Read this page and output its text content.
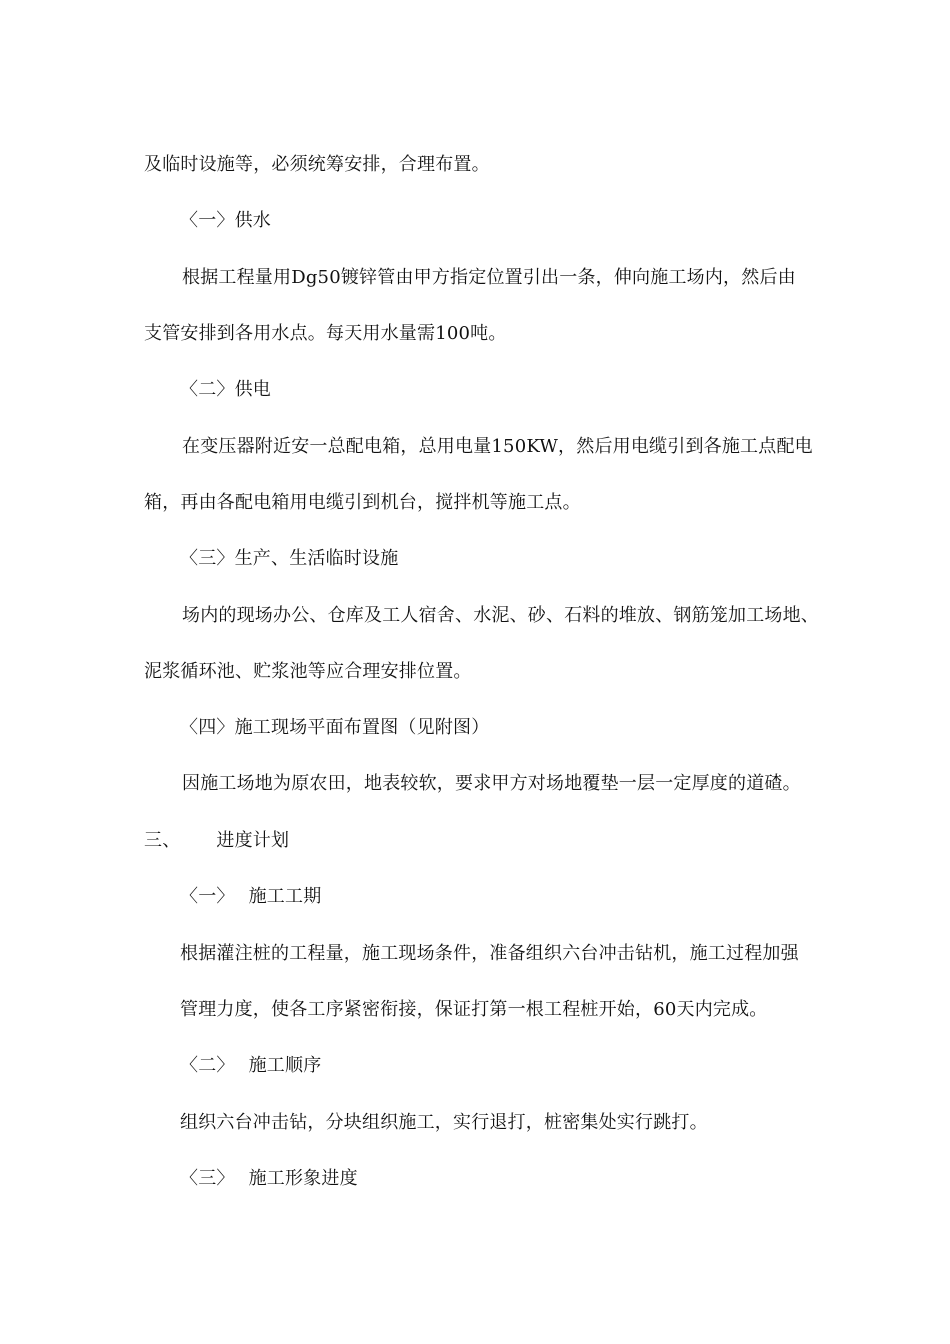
及临时设施等，必须统筹安排，合理布置。
〈一〉供水
根据工程量用Dg50镀锌管由甲方指定位置引出一条，伸向施工场内，然后由
支管安排到各用水点。每天用水量需100吨。
〈二〉供电
在变压器附近安一总配电箱，总用电量150KW，然后用电缆引到各施工点配电
箱，再由各配电箱用电缆引到机台，搅拌机等施工点。
〈三〉生产、生活临时设施
场内的现场办公、仓库及工人宿舍、水泥、砂、石料的堆放、钢筋笼加工场地、
泥浆循环池、贮浆池等应合理安排位置。
〈四〉施工现场平面布置图（见附图）
因施工场地为原农田，地表较软，要求甲方对场地覆垫一层一定厚度的道碴。
三、 进度计划
〈一〉 施工工期
根据灌注桩的工程量，施工现场条件，准备组织六台冲击钻机，施工过程加强
管理力度，使各工序紧密衔接，保证打第一根工程桩开始，60天内完成。
〈二〉 施工顺序
组织六台冲击钻，分块组织施工，实行退打，桩密集处实行跳打。
〈三〉 施工形象进度
